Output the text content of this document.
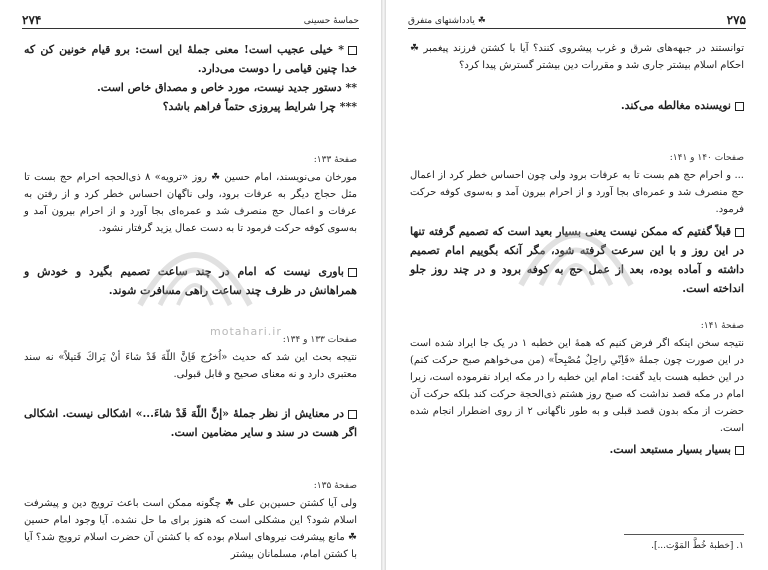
۲۷۴	حماسهٔ حسینی
* خیلی عجیب است! معنی جملهٔ این است: برو قیام خونین کن که خدا چنین قیامی را دوست می‌دارد.
** دستور جدید نیست، مورد خاص و مصداق خاص است.
*** چرا شرایط پیروزی حتماً فراهم باشد؟
صفحهٔ ۱۳۳:
مورخان می‌نویسند، امام حسین ☘ روز «ترویه» ۸ ذی‌الحجه احرام حج بست تا مثل حجاج دیگر به عرفات برود، ولی ناگهان احساس خطر کرد و از رفتن به عرفات و اعمال حج منصرف شد و عمره‌ای بجا آورد و از احرام بیرون آمد و به‌سوی کوفه حرکت فرمود تا به دست عمال یزید گرفتار نشود.
باوری نیست که امام در چند ساعت تصمیم بگیرد و خودش و همراهانش در ظرف چند ساعت راهی مسافرت شوند.
صفحات ۱۳۳ و ۱۳۴:
نتیجه بحث این شد که حدیث «اُخرُج فَاِنَّ اللّهَ قَدْ شاءَ أنْ يَراكَ قَتيلاً» نه سند معتبری دارد و نه معنای صحیح و قابل قبولی.
در معنایش از نظر جملهٔ «إنَّ اللّهَ قَدْ شاءَ...» اشکالی نیست. اشکالی اگر هست در سند و سایر مضامین است.
صفحهٔ ۱۳۵:
ولی آیا کشتن حسین‌بن علی ☘ چگونه ممکن است باعث ترویج دین و پیشرفت اسلام شود؟ این مشکلی است که هنوز برای ما حل نشده. آیا وجود امام حسین ☘ مانع پیشرفت نیروهای اسلام بوده که با کشتن آن حضرت اسلام ترویج شد؟ آیا با کشتن امام، مسلمانان بیشتر
motahari.ir
۲۷۵
یادداشتهای متفرق ☘
توانستند در جبهه‌های شرق و غرب پیشروی کنند؟ آیا با کشتن فرزند پیغمبر ☘ احکام اسلام بیشتر جاری شد و مقررات دین بیشتر گسترش پیدا کرد؟
نویسنده مغالطه می‌کند.
صفحات ۱۴۰ و ۱۴۱:
... و احرام حج هم بست تا به عرفات برود ولی چون احساس خطر کرد از اعمال حج منصرف شد و عمره‌ای بجا آورد و از احرام بیرون آمد و به‌سوی کوفه حرکت فرمود.
قبلاً گفتیم که ممکن نیست یعنی بسیار بعید است که تصمیم گرفته تنها در این روز و با این سرعت گرفته شود، مگر آنکه بگوییم امام تصمیم داشته و آماده بوده، بعد از عمل حج به کوفه برود و در چند روز جلو انداخته است.
صفحهٔ ۱۴۱:
نتیجه سخن اینکه اگر فرض کنیم که همهٔ این خطبه ۱ در یک جا ایراد شده است در این صورت چون جملهٔ «فَاِنّي راحِلٌ مُصْبِحاً» (من می‌خواهم صبح حرکت کنم) در این خطبه هست باید گفت: امام این خطبه را در مکه ایراد نفرموده است، زیرا امام در مکه قصد نداشت که صبح روز هشتم ذی‌الحجة حرکت کند بلکه حرکت آن حضرت از مکه بدون قصد قبلی و به طور ناگهانی ۲ از روی اضطرار انجام شده است.
بسیار بسیار مستبعد است.
۱. [خطبهٔ خُطَّ المَوْت...].
